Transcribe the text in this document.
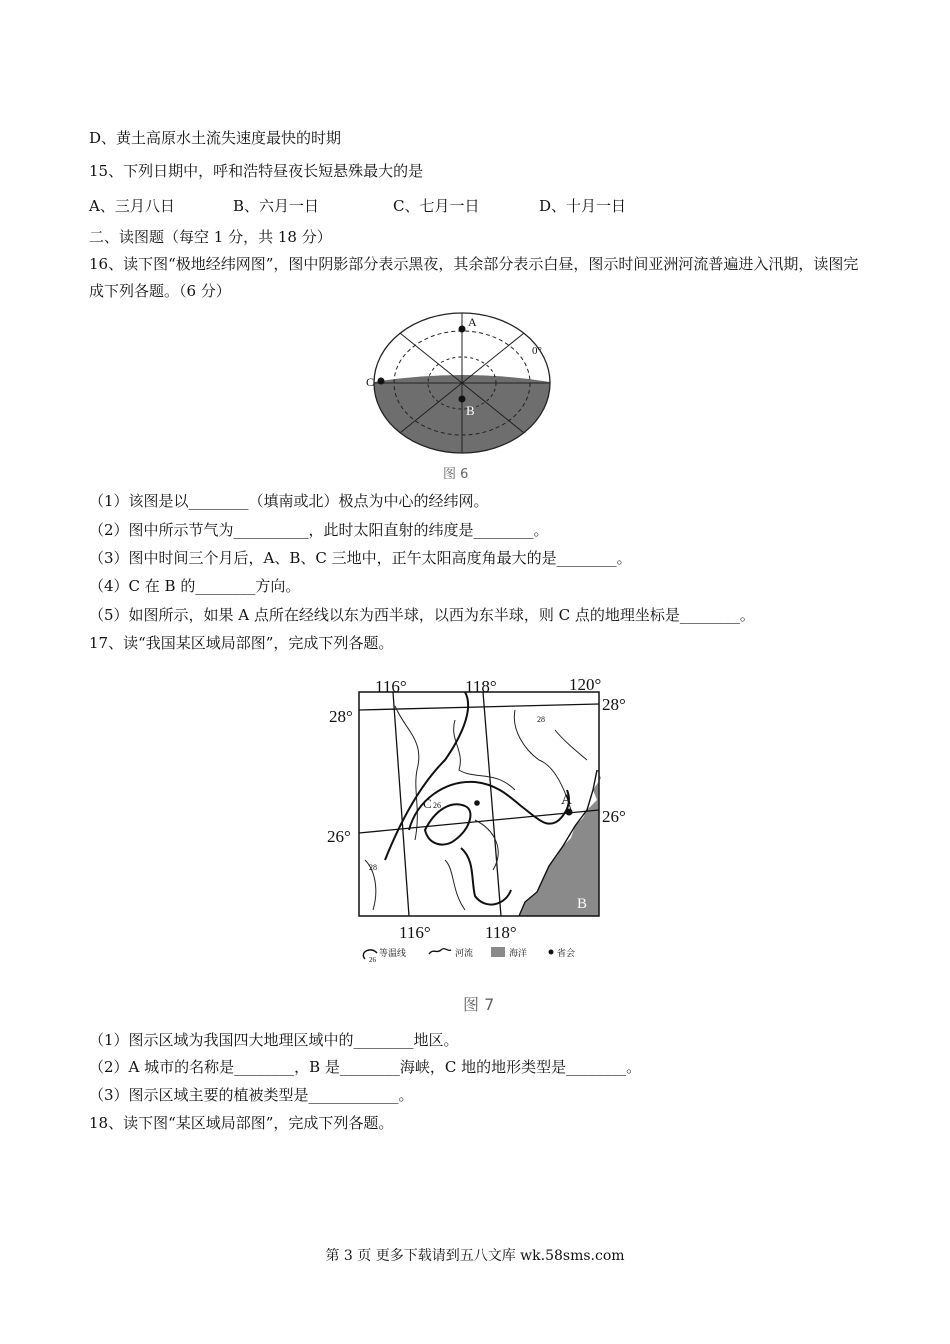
D、黄土高原水土流失速度最快的时期
15、下列日期中，呼和浩特昼夜长短悬殊最大的是
A、三月八日	B、六月一日	C、七月一日	D、十月一日
二、读图题（每空 1 分，共 18 分）
16、读下图“极地经纬网图”，图中阴影部分表示黑夜，其余部分表示白昼，图示时间亚洲河流普遍进入汛期，读图完成下列各题。（6 分）
A
B
C
0°
图 6
（1）该图是以________（填南或北）极点为中心的经纬网。
（2）图中所示节气为__________，此时太阳直射的纬度是________。
（3）图中时间三个月后，A、B、C 三地中，正午太阳高度角最大的是________。
（4）C 在 B 的________方向。
（5）如图所示，如果 A 点所在经线以东为西半球，以西为东半球，则 C 点的地理坐标是________。
17、读“我国某区域局部图”，完成下列各题。
116°	118°	120°
116°	118°
28°
28°
26°
26°
A
B
C 26
28
28
26
等温线	河流	海洋	省会
图 7
（1）图示区域为我国四大地理区域中的________地区。
（2）A 城市的名称是________，B 是________海峡，C 地的地形类型是________。
（3）图示区域主要的植被类型是____________。
18、读下图“某区域局部图”，完成下列各题。
第 3 页 更多下载请到五八文库 wk.58sms.com
